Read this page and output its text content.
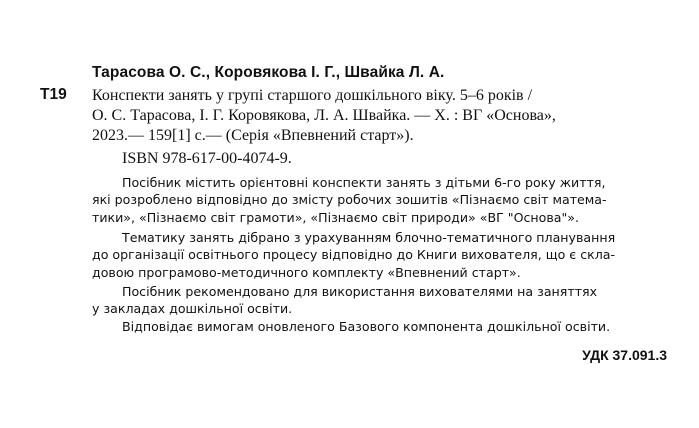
Тарасова О. С., Коровякова І. Г., Швайка Л. А.
Т19 Конспекти занять у групі старшого дошкільного віку. 5–6 років /
О. С. Тарасова, І. Г. Коровякова, Л. А. Швайка. — Х. : ВГ «Основа»,
2023.— 159[1] с.— (Серія «Впевнений старт»).
ISBN 978-617-00-4074-9.
Посібник містить орієнтовні конспекти занять з дітьми 6-го року життя,
які розроблено відповідно до змісту робочих зошитів «Пізнаємо світ матема-
тики», «Пізнаємо світ грамоти», «Пізнаємо світ природи» «ВГ "Основа"».
Тематику занять дібрано з урахуванням блочно-тематичного планування
до організації освітнього процесу відповідно до Книги вихователя, що є скла-
довою програмово-методичного комплекту «Впевнений старт».
Посібник рекомендовано для використання вихователями на заняттях
у закладах дошкільної освіти.
Відповідає вимогам оновленого Базового компонента дошкільної освіти.
УДК 37.091.3
